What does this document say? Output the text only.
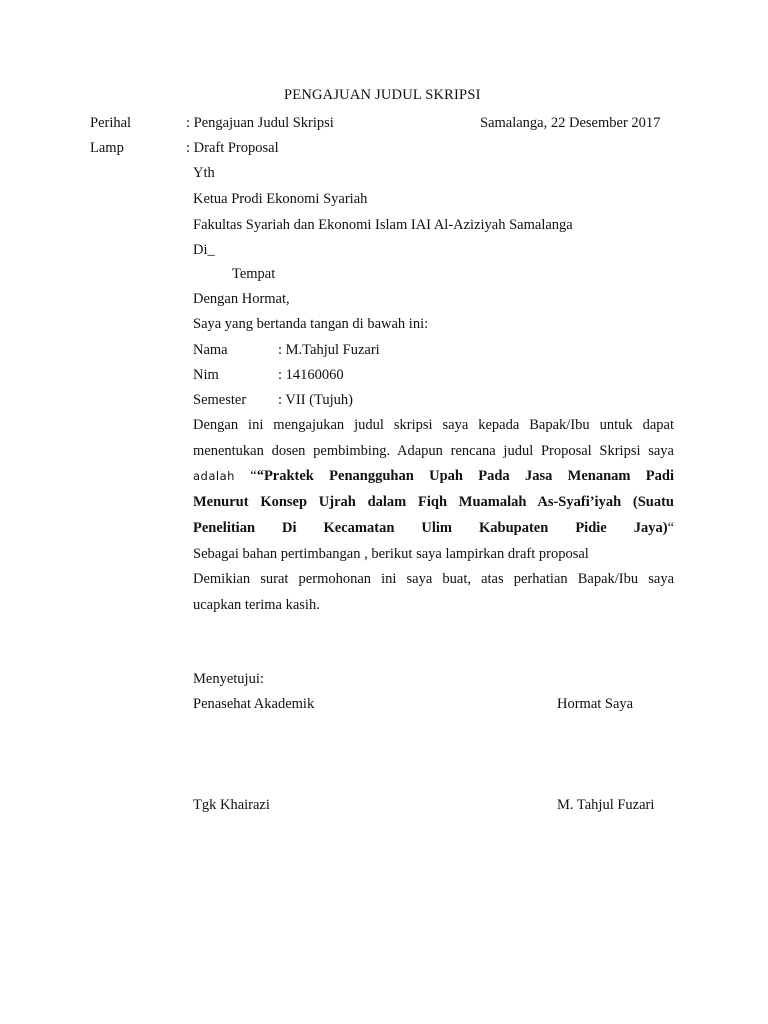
PENGAJUAN JUDUL SKRIPSI
Perihal	: Pengajuan Judul Skripsi	Samalanga, 22 Desember 2017
Lamp	: Draft Proposal
Yth
Ketua Prodi Ekonomi Syariah
Fakultas Syariah dan Ekonomi Islam IAI Al-Aziziyah Samalanga
Di_
Tempat
Dengan Hormat,
Saya yang bertanda tangan di bawah ini:
Nama	: M.Tahjul Fuzari
Nim	: 14160060
Semester : VII (Tujuh)
Dengan ini mengajukan judul skripsi saya kepada Bapak/Ibu untuk dapat
menentukan dosen pembimbing. Adapun rencana judul Proposal Skripsi saya
adalah ““Praktek Penangguhan Upah Pada Jasa Menanam Padi
Menurut Konsep Ujrah dalam Fiqh Muamalah As-Syafi’iyah (Suatu
Penelitian Di Kecamatan Ulim Kabupaten Pidie Jaya)“
Sebagai bahan pertimbangan , berikut saya lampirkan draft proposal
Demikian surat permohonan ini saya buat, atas perhatian Bapak/Ibu saya
ucapkan terima kasih.
Menyetujui:
Penasehat Akademik	Hormat Saya
Tgk Khairazi	M. Tahjul Fuzari
